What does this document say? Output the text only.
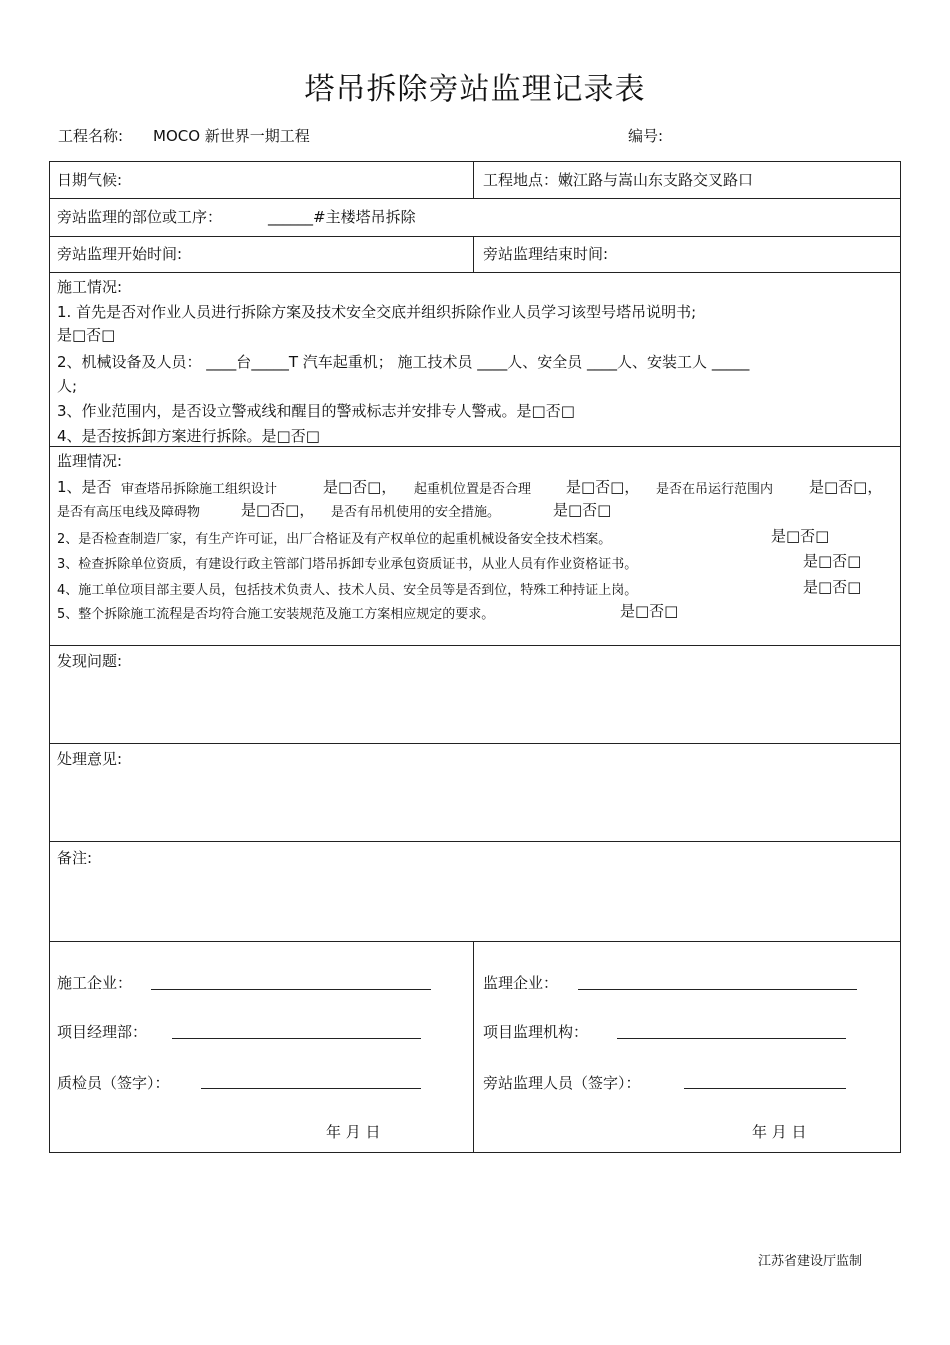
塔吊拆除旁站监理记录表
工程名称: MOCO 新世界一期工程	编号:
日期气候:	工程地点：嫩江路与嵩山东支路交叉路口
旁站监理的部位或工序：	______#主楼塔吊拆除
旁站监理开始时间:	旁站监理结束时间:
施工情况:
1. 首先是否对作业人员进行拆除方案及技术安全交底并组织拆除作业人员学习该型号塔吊说明书;
是□否□
2、机械设备及人员： ____台_____T 汽车起重机； 施工技术员 ____人、安全员 ____人、安装工人 _____
人;
3、作业范围内，是否设立警戒线和醒目的警戒标志并安排专人警戒。是□否□
4、是否按拆卸方案进行拆除。是□否□
监理情况:
1、是否 审查塔吊拆除施工组织设计	是□否□， 起重机位置是否合理 是□否□， 是否在吊运行范围内 是□否□，
是否有高压电线及障碍物	是□否□， 是否有吊机使用的安全措施。	是□否□
2、是否检查制造厂家，有生产许可证，出厂合格证及有产权单位的起重机械设备安全技术档案。	是□否□
3、检查拆除单位资质，有建设行政主管部门塔吊拆卸专业承包资质证书，从业人员有作业资格证书。	是□否□
4、施工单位项目部主要人员，包括技术负责人、技术人员、安全员等是否到位，特殊工种持证上岗。	是□否□
5、整个拆除施工流程是否均符合施工安装规范及施工方案相应规定的要求。	是□否□
发现问题:
处理意见:
备注:
施工企业：
项目经理部：
质检员（签字）：
年 月 日
监理企业：
项目监理机构：
旁站监理人员（签字）：
年 月 日
江苏省建设厅监制
